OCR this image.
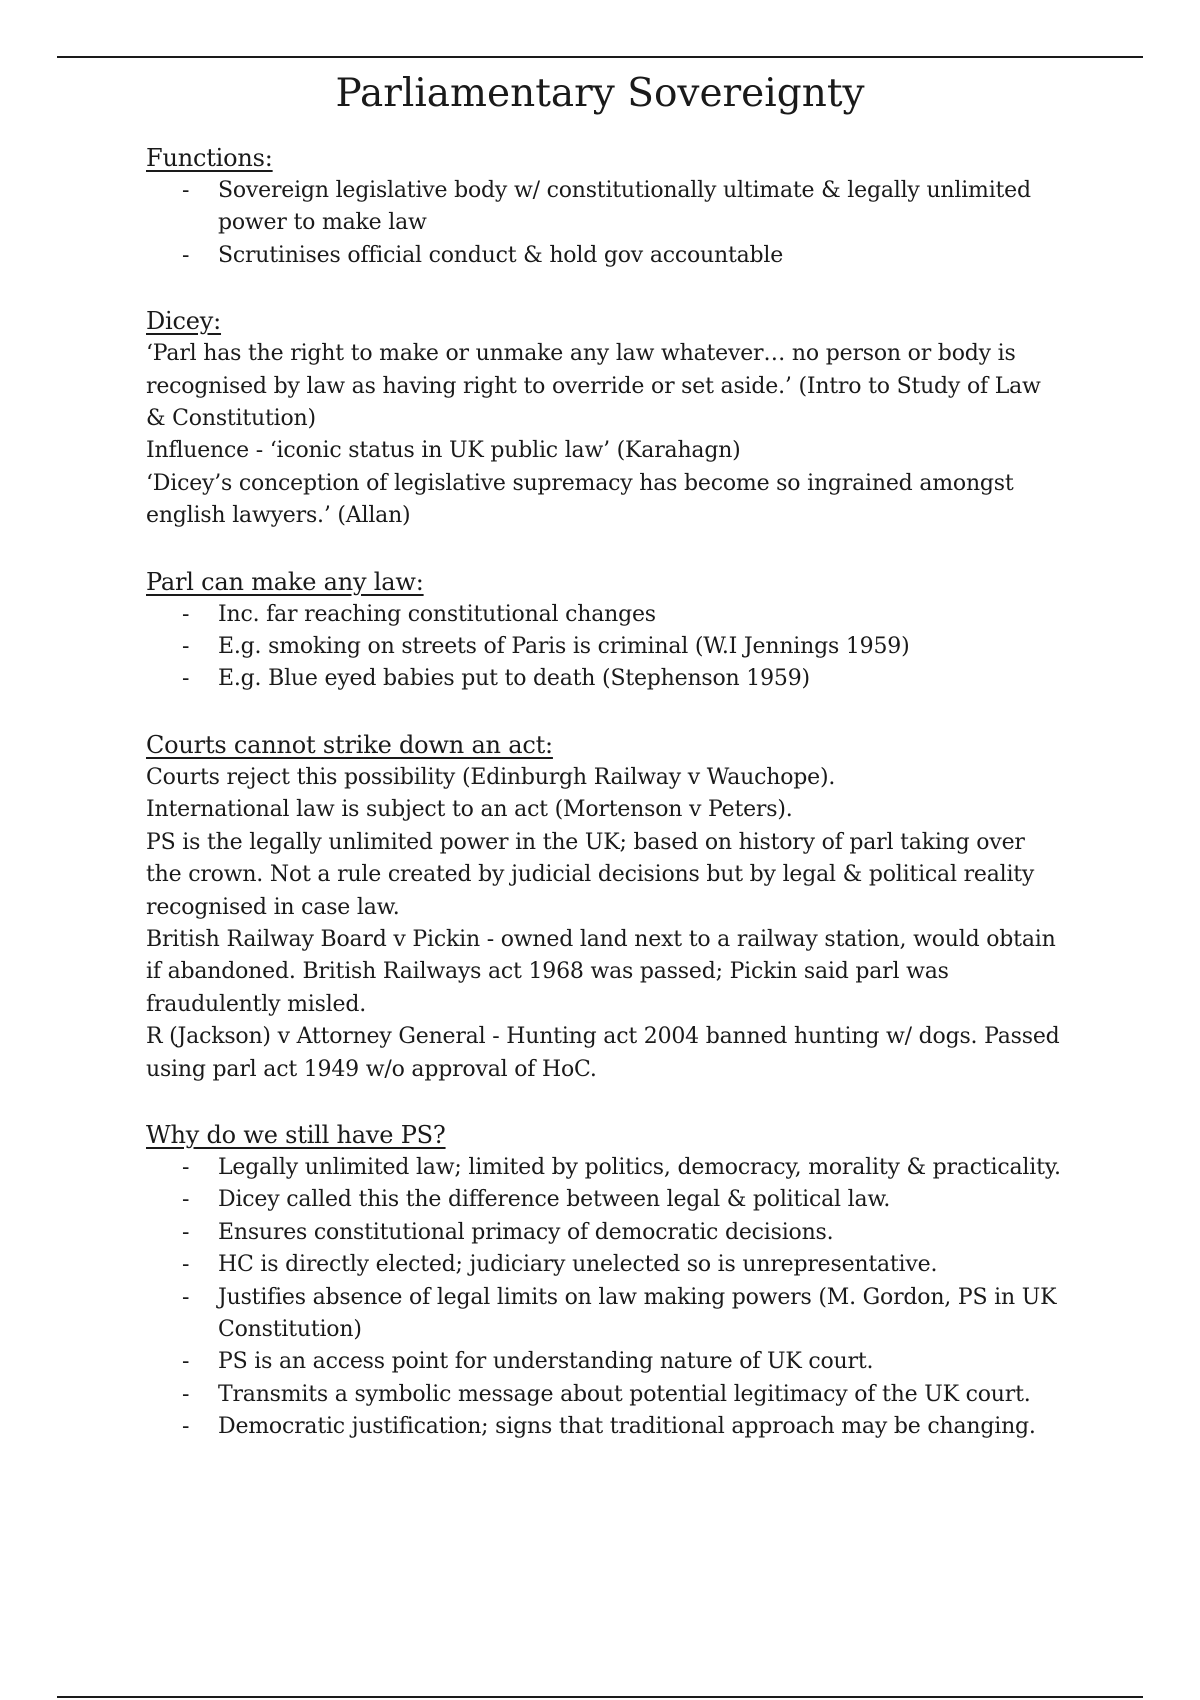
Parliamentary Sovereignty
Functions:
- Sovereign legislative body w/ constitutionally ultimate & legally unlimited power to make law
- Scrutinises official conduct & hold gov accountable
Dicey:

‘Parl has the right to make or unmake any law whatever… no person or body is recognised by law as having right to override or set aside.’ (Intro to Study of Law & Constitution)

Influence - ‘iconic status in UK public law’ (Karahagn)

‘Dicey’s conception of legislative supremacy has become so ingrained amongst english lawyers.’ (Allan)

Parl can make any law:
- Inc. far reaching constitutional changes
- E.g. smoking on streets of Paris is criminal (W.I Jennings 1959)
- E.g. Blue eyed babies put to death (Stephenson 1959)
Courts cannot strike down an act:

Courts reject this possibility (Edinburgh Railway v Wauchope).

International law is subject to an act (Mortenson v Peters).

PS is the legally unlimited power in the UK; based on history of parl taking over the crown. Not a rule created by judicial decisions but by legal & political reality recognised in case law.

British Railway Board v Pickin - owned land next to a railway station, would obtain if abandoned. British Railways act 1968 was passed; Pickin said parl was fraudulently misled.

R (Jackson) v Attorney General - Hunting act 2004 banned hunting w/ dogs. Passed using parl act 1949 w/o approval of HoC.

Why do we still have PS?
- Legally unlimited law; limited by politics, democracy, morality & practicality.
- Dicey called this the difference between legal & political law.
- Ensures constitutional primacy of democratic decisions.
- HC is directly elected; judiciary unelected so is unrepresentative.
- Justifies absence of legal limits on law making powers (M. Gordon, PS in UK Constitution)
- PS is an access point for understanding nature of UK court.
- Transmits a symbolic message about potential legitimacy of the UK court.
- Democratic justification; signs that traditional approach may be changing.
